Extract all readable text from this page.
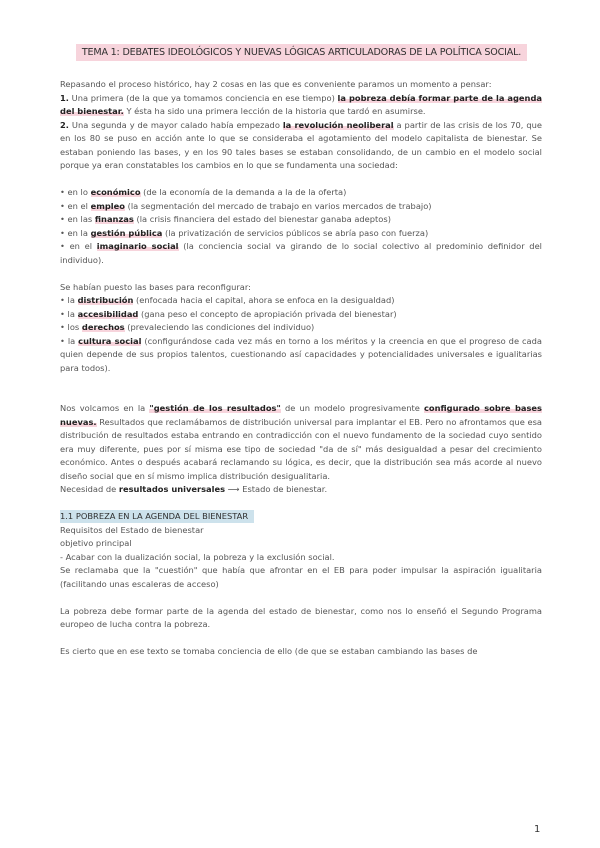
TEMA 1: DEBATES IDEOLÓGICOS Y NUEVAS LÓGICAS ARTICULADORAS DE LA POLÍTICA SOCIAL.

Repasando el proceso histórico, hay 2 cosas en las que es conveniente paramos un momento a pensar:

1. Una primera (de la que ya tomamos conciencia en ese tiempo) la pobreza debía formar parte de la agenda del bienestar. Y ésta ha sido una primera lección de la historia que tardó en asumirse.

2. Una segunda y de mayor calado había empezado la revolución neoliberal a partir de las crisis de los 70, que en los 80 se puso en acción ante lo que se consideraba el agotamiento del modelo capitalista de bienestar. Se estaban poniendo las bases, y en los 90 tales bases se estaban consolidando, de un cambio en el modelo social porque ya eran constatables los cambios en lo que se fundamenta una sociedad:

• en lo económico (de la economía de la demanda a la de la oferta)

• en el empleo (la segmentación del mercado de trabajo en varios mercados de trabajo)

• en las finanzas (la crisis financiera del estado del bienestar ganaba adeptos)

• en la gestión pública (la privatización de servicios públicos se abría paso con fuerza)

• en el imaginario social (la conciencia social va girando de lo social colectivo al predominio definidor del individuo).

Se habían puesto las bases para reconfigurar:

• la distribución (enfocada hacia el capital, ahora se enfoca en la desigualdad)

• la accesibilidad (gana peso el concepto de apropiación privada del bienestar)

• los derechos (prevaleciendo las condiciones del individuo)

• la cultura social (configurándose cada vez más en torno a los méritos y la creencia en que el progreso de cada quien depende de sus propios talentos, cuestionando así capacidades y potencialidades universales e igualitarias para todos).

Nos volcamos en la "gestión de los resultados" de un modelo progresivamente configurado sobre bases nuevas. Resultados que reclamábamos de distribución universal para implantar el EB. Pero no afrontamos que esa distribución de resultados estaba entrando en contradicción con el nuevo fundamento de la sociedad cuyo sentido era muy diferente, pues por sí misma ese tipo de sociedad "da de sí" más desigualdad a pesar del crecimiento económico. Antes o después acabará reclamando su lógica, es decir, que la distribución sea más acorde al nuevo diseño social que en sí mismo implica distribución desigualitaria.

Necesidad de resultados universales ⟶ Estado de bienestar.

1.1 POBREZA EN LA AGENDA DEL BIENESTAR

Requisitos del Estado de bienestar

objetivo principal

- Acabar con la dualización social, la pobreza y la exclusión social.

Se reclamaba que la "cuestión" que había que afrontar en el EB para poder impulsar la aspiración igualitaria (facilitando unas escaleras de acceso)

La pobreza debe formar parte de la agenda del estado de bienestar, como nos lo enseñó el Segundo Programa europeo de lucha contra la pobreza.

Es cierto que en ese texto se tomaba conciencia de ello (de que se estaban cambiando las bases de

1
